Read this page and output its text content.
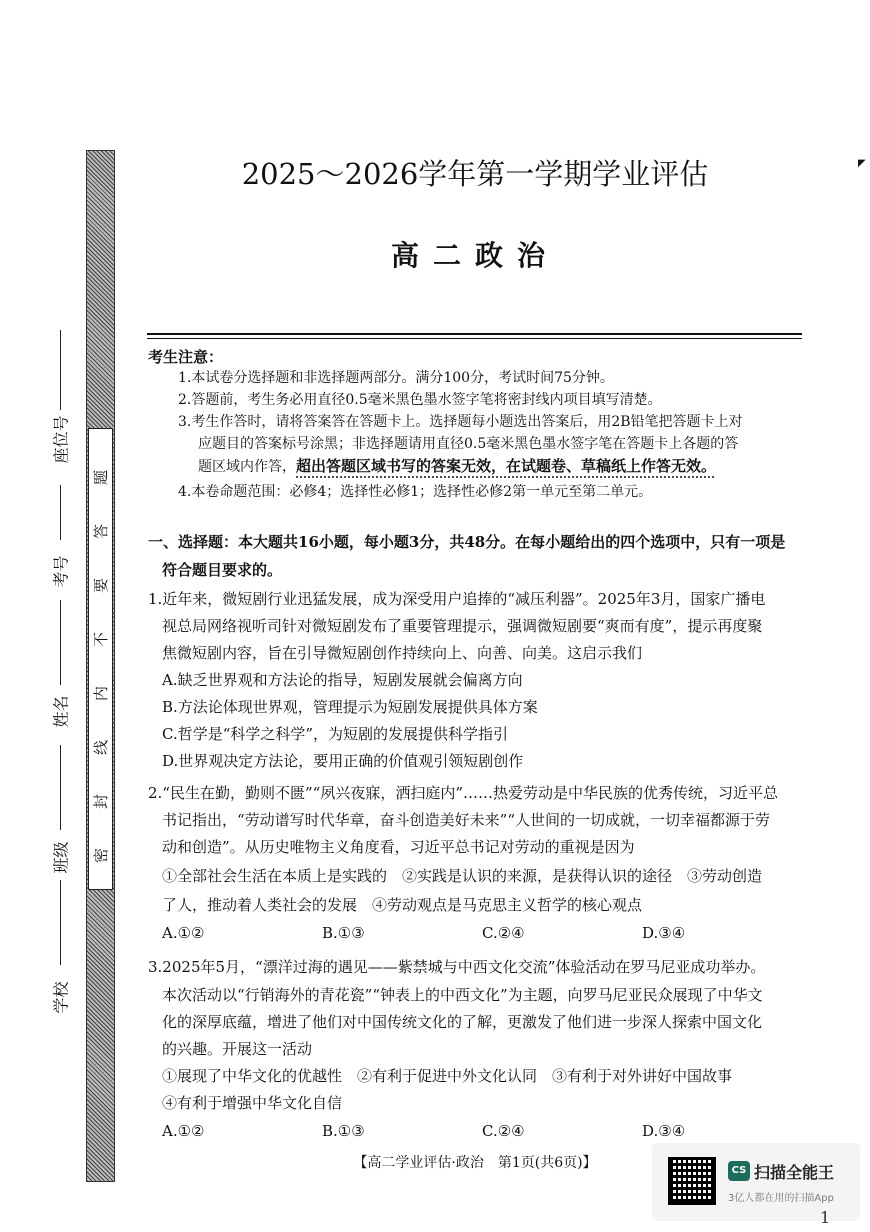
题
答
要
不
内
线
封
密
座位号
考号
姓名
班级
学校
◤
2025～2026学年第一学期学业评估
高二政治
考生注意：
1.本试卷分选择题和非选择题两部分。满分100分，考试时间75分钟。
2.答题前，考生务必用直径0.5毫米黑色墨水签字笔将密封线内项目填写清楚。
3.考生作答时，请将答案答在答题卡上。选择题每小题选出答案后，用2B铅笔把答题卡上对
应题目的答案标号涂黑；非选择题请用直径0.5毫米黑色墨水签字笔在答题卡上各题的答
题区域内作答，超出答题区域书写的答案无效，在试题卷、草稿纸上作答无效。
4.本卷命题范围：必修4；选择性必修1；选择性必修2第一单元至第二单元。
一、选择题：本大题共16小题，每小题3分，共48分。在每小题给出的四个选项中，只有一项是
符合题目要求的。
1.近年来，微短剧行业迅猛发展，成为深受用户追捧的“减压利器”。2025年3月，国家广播电
视总局网络视听司针对微短剧发布了重要管理提示，强调微短剧要“爽而有度”，提示再度聚
焦微短剧内容，旨在引导微短剧创作持续向上、向善、向美。这启示我们
A.缺乏世界观和方法论的指导，短剧发展就会偏离方向
B.方法论体现世界观，管理提示为短剧发展提供具体方案
C.哲学是“科学之科学”，为短剧的发展提供科学指引
D.世界观决定方法论，要用正确的价值观引领短剧创作
2.“民生在勤，勤则不匮”“夙兴夜寐，洒扫庭内”……热爱劳动是中华民族的优秀传统，习近平总
书记指出，“劳动谱写时代华章，奋斗创造美好未来”“人世间的一切成就，一切幸福都源于劳
动和创造”。从历史唯物主义角度看，习近平总书记对劳动的重视是因为
①全部社会生活在本质上是实践的　②实践是认识的来源，是获得认识的途径　③劳动创造
了人，推动着人类社会的发展　④劳动观点是马克思主义哲学的核心观点
A.①②	B.①③	C.②④	D.③④
3.2025年5月，“漂洋过海的遇见——紫禁城与中西文化交流”体验活动在罗马尼亚成功举办。
本次活动以“行销海外的青花瓷”“钟表上的中西文化”为主题，向罗马尼亚民众展现了中华文
化的深厚底蕴，增进了他们对中国传统文化的了解，更激发了他们进一步深人探索中国文化
的兴趣。开展这一活动
①展现了中华文化的优越性　②有利于促进中外文化认同　③有利于对外讲好中国故事
④有利于增强中华文化自信
A.①②	B.①③	C.②④	D.③④
【高二学业评估·政治　第1页(共6页)】	CS 扫描全能王
3亿人都在用的扫描App
1
